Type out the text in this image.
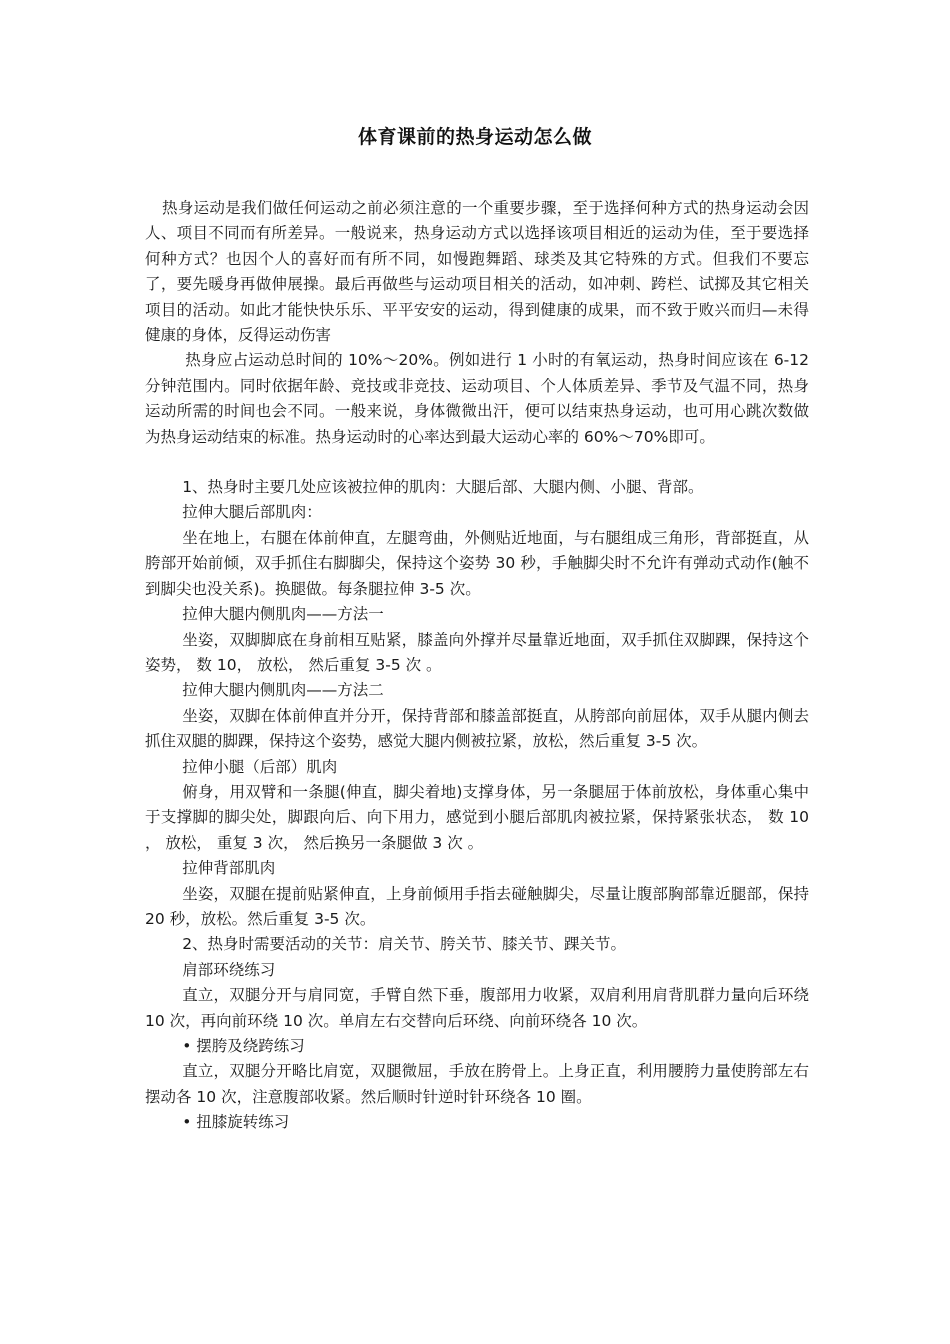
体育课前的热身运动怎么做

热身运动是我们做任何运动之前必须注意的一个重要步骤，至于选择何种方式的热身运动会因人、项目不同而有所差异。一般说来，热身运动方式以选择该项目相近的运动为佳，至于要选择何种方式？也因个人的喜好而有所不同，如慢跑舞蹈、球类及其它特殊的方式。但我们不要忘了，要先暖身再做伸展操。最后再做些与运动项目相关的活动，如冲刺、跨栏、试掷及其它相关项目的活动。如此才能快快乐乐、平平安安的运动，得到健康的成果，而不致于败兴而归—未得健康的身体，反得运动伤害

热身应占运动总时间的 10%～20%。例如进行 1 小时的有氧运动，热身时间应该在 6-12 分钟范围内。同时依据年龄、竞技或非竞技、运动项目、个人体质差异、季节及气温不同，热身运动所需的时间也会不同。一般来说，身体微微出汗，便可以结束热身运动，也可用心跳次数做为热身运动结束的标准。热身运动时的心率达到最大运动心率的 60%～70%即可。

1、热身时主要几处应该被拉伸的肌肉：大腿后部、大腿内侧、小腿、背部。

拉伸大腿后部肌肉：

坐在地上，右腿在体前伸直，左腿弯曲，外侧贴近地面，与右腿组成三角形，背部挺直，从胯部开始前倾，双手抓住右脚脚尖，保持这个姿势 30 秒，手触脚尖时不允许有弹动式动作(触不到脚尖也没关系)。换腿做。每条腿拉伸 3-5 次。

拉伸大腿内侧肌肉——方法一

坐姿，双脚脚底在身前相互贴紧，膝盖向外撑并尽量靠近地面，双手抓住双脚踝，保持这个姿势， 数 10， 放松， 然后重复 3-5 次 。

拉伸大腿内侧肌肉——方法二

坐姿，双脚在体前伸直并分开，保持背部和膝盖部挺直，从胯部向前屈体，双手从腿内侧去抓住双腿的脚踝，保持这个姿势，感觉大腿内侧被拉紧，放松，然后重复 3-5 次。

拉伸小腿（后部）肌肉

俯身，用双臂和一条腿(伸直，脚尖着地)支撑身体，另一条腿屈于体前放松，身体重心集中于支撑脚的脚尖处，脚跟向后、向下用力，感觉到小腿后部肌肉被拉紧，保持紧张状态， 数 10 ， 放松， 重复 3 次， 然后换另一条腿做 3 次 。

拉伸背部肌肉

坐姿，双腿在提前贴紧伸直，上身前倾用手指去碰触脚尖，尽量让腹部胸部靠近腿部，保持 20 秒，放松。然后重复 3-5 次。

2、热身时需要活动的关节：肩关节、胯关节、膝关节、踝关节。

肩部环绕练习

直立，双腿分开与肩同宽，手臂自然下垂，腹部用力收紧，双肩利用肩背肌群力量向后环绕 10 次，再向前环绕 10 次。单肩左右交替向后环绕、向前环绕各 10 次。

• 摆胯及绕跨练习

直立，双腿分开略比肩宽，双腿微屈，手放在胯骨上。上身正直，利用腰胯力量使胯部左右摆动各 10 次，注意腹部收紧。然后顺时针逆时针环绕各 10 圈。

• 扭膝旋转练习
